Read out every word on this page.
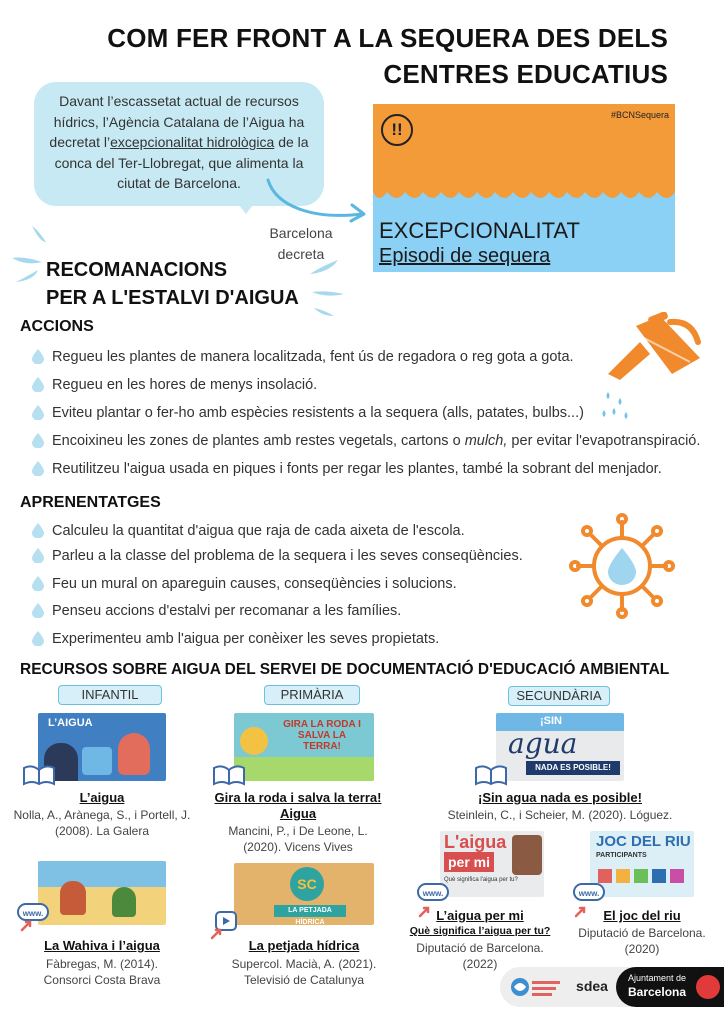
COM FER FRONT A LA SEQUERA DES DELS
CENTRES EDUCATIUS
Davant l’escassetat actual de recursos hídrics, l’Agència Catalana de l’Aigua ha decretat l’excepcionalitat hidrològica de la conca del Ter-Llobregat, que alimenta la ciutat de Barcelona.
Barcelona
decreta
!!
#BCNSequera
EXCEPCIONALITAT
Episodi de sequera
RECOMANACIONS
PER A L'ESTALVI D'AIGUA
ACCIONS
Regueu les plantes de manera localitzada, fent ús de regadora o reg gota a gota.
Regueu en les hores de menys insolació.
Eviteu plantar o fer-ho amb espècies resistents a la sequera (alls, patates, bulbs...)
Encoixineu les zones de plantes amb restes vegetals, cartons o mulch, per evitar l'evapotranspiració.
Reutilitzeu l'aigua usada en piques i fonts per regar les plantes, també la sobrant del menjador.
APRENENTATGES
Calculeu la quantitat d'aigua que raja de cada aixeta de l'escola.
Parleu a la classe del problema de la sequera i les seves conseqüències.
Feu un mural on apareguin causes, conseqüències i solucions.
Penseu accions d'estalvi per recomanar a les famílies.
Experimenteu amb l'aigua per conèixer les seves propietats.
RECURSOS SOBRE AIGUA DEL SERVEI DE DOCUMENTACIÓ D'EDUCACIÓ AMBIENTAL
INFANTIL	PRIMÀRIA	SECUNDÀRIA
L’AIGUA
L’aigua
Nolla, A., Arànega, S., i Portell, J. (2008). La Galera
GIRA LA RODA I SALVA LA TERRA!
Gira la roda i salva la terra! Aigua
Mancini, P., i De Leone, L. (2020). Vicens Vives
¡SIN
agua
NADA ES POSIBLE!
¡Sin agua nada es posible!
Steinlein, C., i Scheier, M. (2020). Lóguez.
www.
La Wahiva i l’aigua
Fàbregas, M. (2014). Consorci Costa Brava
SC
LA PETJADA HÍDRICA
La petjada hídrica
Supercol. Macià, A. (2021). Televisió de Catalunya
L'aigua
per mi
Què significa l'aigua per tu?
www.
L’aigua per mi
Què significa l’aigua per tu?
Diputació de Barcelona. (2022)
JOC DEL RIU
PARTICIPANTS
www.
El joc del riu
Diputació de Barcelona. (2020)
sdea	Ajuntament de
Barcelona
